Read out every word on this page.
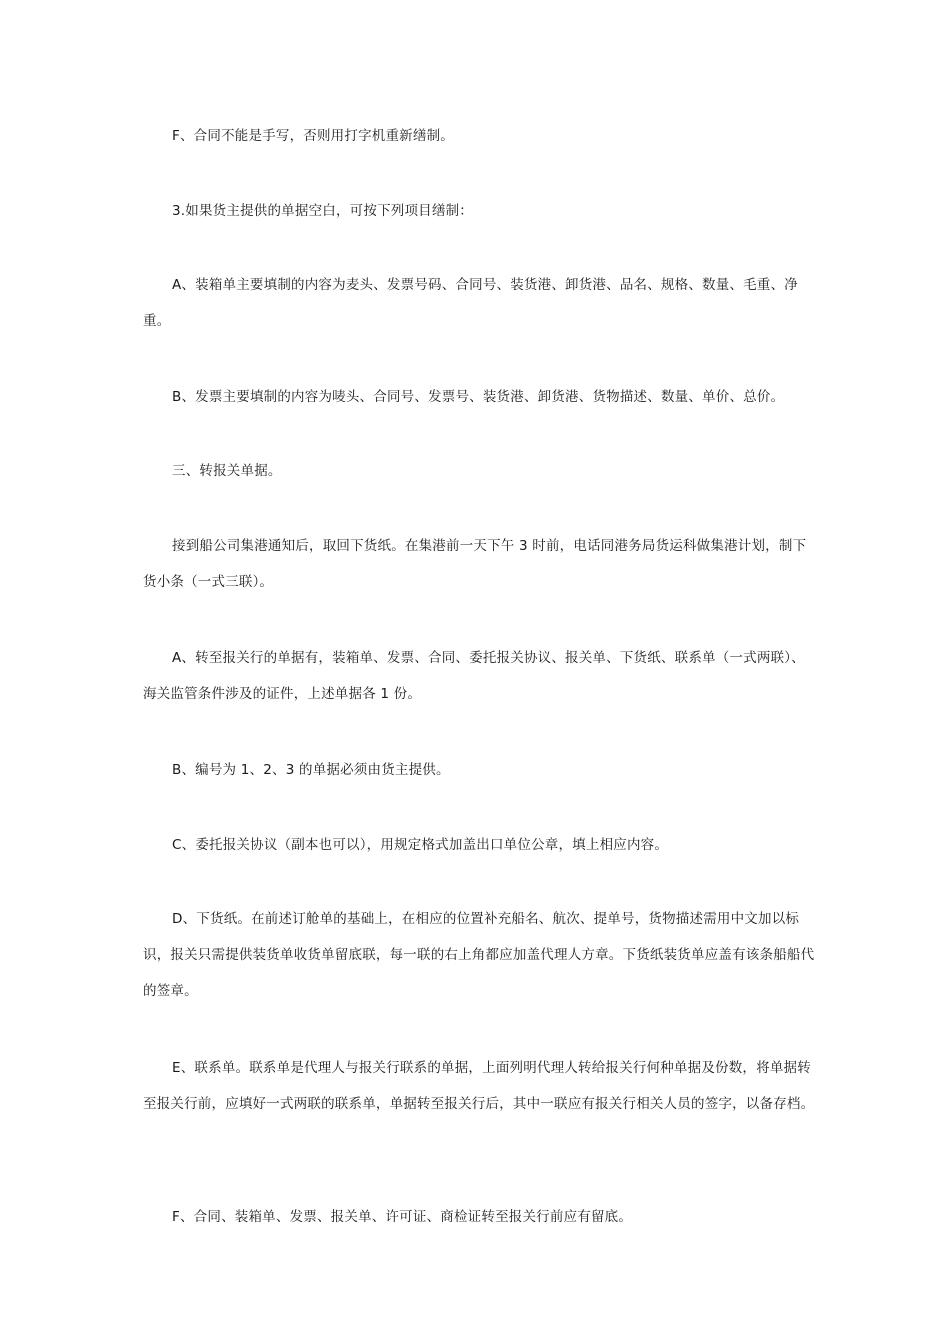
F、合同不能是手写，否则用打字机重新缮制。

3.如果货主提供的单据空白，可按下列项目缮制：

A、装箱单主要填制的内容为麦头、发票号码、合同号、装货港、卸货港、品名、规格、数量、毛重、净重。

B、发票主要填制的内容为唛头、合同号、发票号、装货港、卸货港、货物描述、数量、单价、总价。

三、转报关单据。

接到船公司集港通知后，取回下货纸。在集港前一天下午 3 时前，电话同港务局货运科做集港计划，制下货小条（一式三联）。

A、转至报关行的单据有，装箱单、发票、合同、委托报关协议、报关单、下货纸、联系单（一式两联）、海关监管条件涉及的证件，上述单据各 1 份。

B、编号为 1、2、3 的单据必须由货主提供。

C、委托报关协议（副本也可以），用规定格式加盖出口单位公章，填上相应内容。

D、下货纸。在前述订舱单的基础上，在相应的位置补充船名、航次、提单号，货物描述需用中文加以标识，报关只需提供装货单收货单留底联，每一联的右上角都应加盖代理人方章。下货纸装货单应盖有该条船船代的签章。

E、联系单。联系单是代理人与报关行联系的单据，上面列明代理人转给报关行何种单据及份数，将单据转至报关行前，应填好一式两联的联系单，单据转至报关行后，其中一联应有报关行相关人员的签字，以备存档。

F、合同、装箱单、发票、报关单、许可证、商检证转至报关行前应有留底。
